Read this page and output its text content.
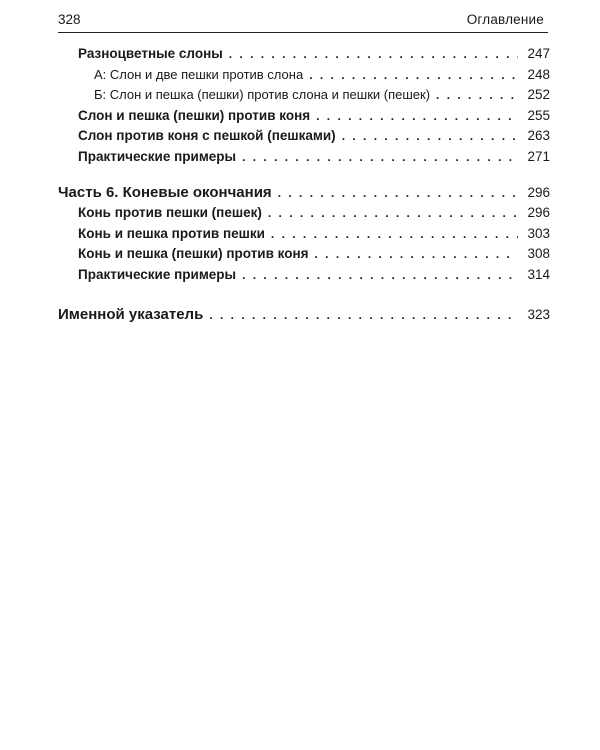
328	Оглавление
Разноцветные слоны . . .	247
А: Слон и две пешки против слона . . .	248
Б: Слон и пешка (пешки) против слона и пешки (пешек) . . .	252
Слон и пешка (пешки) против коня . . .	255
Слон против коня с пешкой (пешками) . . .	263
Практические примеры . . .	271
Часть 6. Коневые окончания . . .	296
Конь против пешки (пешек) . . .	296
Конь и пешка против пешки . . .	303
Конь и пешка (пешки) против коня . . .	308
Практические примеры . . .	314
Именной указатель . . .	323
